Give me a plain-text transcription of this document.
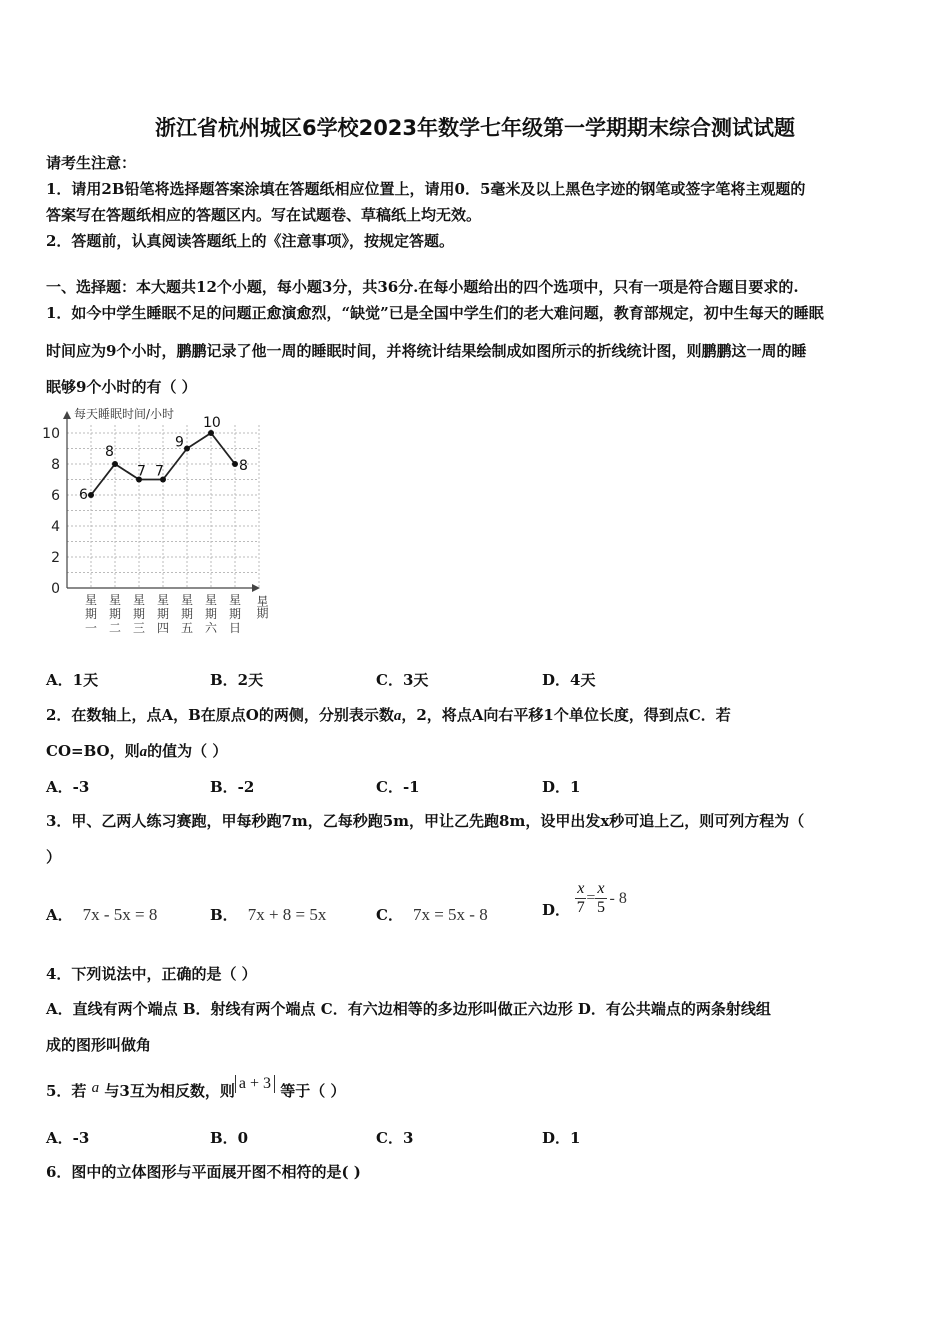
浙江省杭州城区6学校2023年数学七年级第一学期期末综合测试试题
请考生注意：
1．请用2B铅笔将选择题答案涂填在答题纸相应位置上，请用0．5毫米及以上黑色字迹的钢笔或签字笔将主观题的
答案写在答题纸相应的答题区内。写在试题卷、草稿纸上均无效。
2．答题前，认真阅读答题纸上的《注意事项》，按规定答题。
一、选择题：本大题共12个小题，每小题3分，共36分.在每小题给出的四个选项中，只有一项是符合题目要求的.
1．如今中学生睡眠不足的问题正愈演愈烈，“缺觉”已是全国中学生们的老大难问题，教育部规定，初中生每天的睡眠
时间应为9个小时，鹏鹏记录了他一周的睡眠时间，并将统计结果绘制成如图所示的折线统计图，则鹏鹏这一周的睡
眠够9个小时的有（ ）
每天睡眠时间/小时
星期
0
2
4
6
8
10
6
8
7 7
9
10
8
星期一
星期二
星期三
星期四
星期五
星期六
星期日
A．1天	B．2天	C．3天	D．4天
2．在数轴上，点A，B在原点O的两侧，分别表示数a，2，将点A向右平移1个单位长度，得到点C．若
CO=BO，则a的值为（ ）
A．-3	B．-2	C．-1	D．1
3．甲、乙两人练习赛跑，甲每秒跑7m，乙每秒跑5m，甲让乙先跑8m，设甲出发x秒可追上乙，则可列方程为（
）
A． 7x - 5x = 8	B． 7x + 8 = 5x	C． 7x = 5x - 8	D． $\frac{x}{7} = \frac{x}{5} - 8$
4．下列说法中，正确的是（ ）
A．直线有两个端点 B．射线有两个端点 C．有六边相等的多边形叫做正六边形 D．有公共端点的两条射线组
成的图形叫做角
5．若 a 与3互为相反数，则 a + 3 等于（ ）
A．-3	B．0	C．3	D．1
6．图中的立体图形与平面展开图不相符的是( )
